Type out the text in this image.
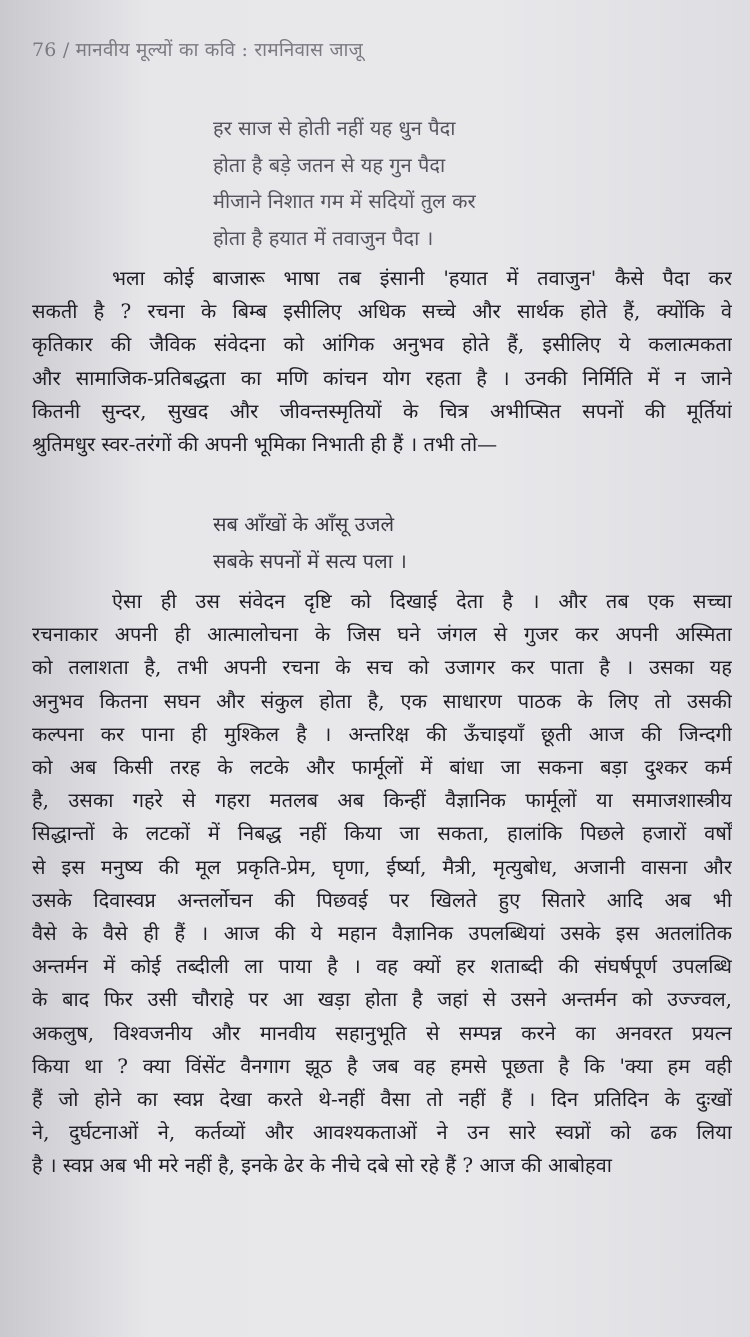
76 / मानवीय मूल्यों का कवि : रामनिवास जाजू
हर साज से होती नहीं यह धुन पैदा
होता है बड़े जतन से यह गुन पैदा
मीजाने निशात गम में सदियों तुल कर
होता है हयात में तवाजुन पैदा ।
भला कोई बाजारू भाषा तब इंसानी 'हयात में तवाजुन' कैसे पैदा कर
सकती है ? रचना के बिम्ब इसीलिए अधिक सच्चे और सार्थक होते हैं, क्योंकि वे
कृतिकार की जैविक संवेदना को आंगिक अनुभव होते हैं, इसीलिए ये कलात्मकता
और सामाजिक-प्रतिबद्धता का मणि कांचन योग रहता है । उनकी निर्मिति में न जाने
कितनी सुन्दर, सुखद और जीवन्तस्मृतियों के चित्र अभीप्सित सपनों की मूर्तियां
श्रुतिमधुर स्वर-तरंगों की अपनी भूमिका निभाती ही हैं । तभी तो—
सब आँखों के आँसू उजले
सबके सपनों में सत्य पला ।
ऐसा ही उस संवेदन दृष्टि को दिखाई देता है । और तब एक सच्चा
रचनाकार अपनी ही आत्मालोचना के जिस घने जंगल से गुजर कर अपनी अस्मिता
को तलाशता है, तभी अपनी रचना के सच को उजागर कर पाता है । उसका यह
अनुभव कितना सघन और संकुल होता है, एक साधारण पाठक के लिए तो उसकी
कल्पना कर पाना ही मुश्किल है । अन्तरिक्ष की ऊँचाइयाँ छूती आज की जिन्दगी
को अब किसी तरह के लटके और फार्मूलों में बांधा जा सकना बड़ा दुश्कर कर्म
है, उसका गहरे से गहरा मतलब अब किन्हीं वैज्ञानिक फार्मूलों या समाजशास्त्रीय
सिद्धान्तों के लटकों में निबद्ध नहीं किया जा सकता, हालांकि पिछले हजारों वर्षों
से इस मनुष्य की मूल प्रकृति-प्रेम, घृणा, ईर्ष्या, मैत्री, मृत्युबोध, अजानी वासना और
उसके दिवास्वप्न अन्तर्लोचन की पिछवई पर खिलते हुए सितारे आदि अब भी
वैसे के वैसे ही हैं । आज की ये महान वैज्ञानिक उपलब्धियां उसके इस अतलांतिक
अन्तर्मन में कोई तब्दीली ला पाया है । वह क्यों हर शताब्दी की संघर्षपूर्ण उपलब्धि
के बाद फिर उसी चौराहे पर आ खड़ा होता है जहां से उसने अन्तर्मन को उज्ज्वल,
अकलुष, विश्वजनीय और मानवीय सहानुभूति से सम्पन्न करने का अनवरत प्रयत्न
किया था ? क्या विंसेंट वैनगाग झूठ है जब वह हमसे पूछता है कि 'क्या हम वही
हैं जो होने का स्वप्न देखा करते थे-नहीं वैसा तो नहीं हैं । दिन प्रतिदिन के दुःखों
ने, दुर्घटनाओं ने, कर्तव्यों और आवश्यकताओं ने उन सारे स्वप्नों को ढक लिया
है । स्वप्न अब भी मरे नहीं है, इनके ढेर के नीचे दबे सो रहे हैं ? आज की आबोहवा
